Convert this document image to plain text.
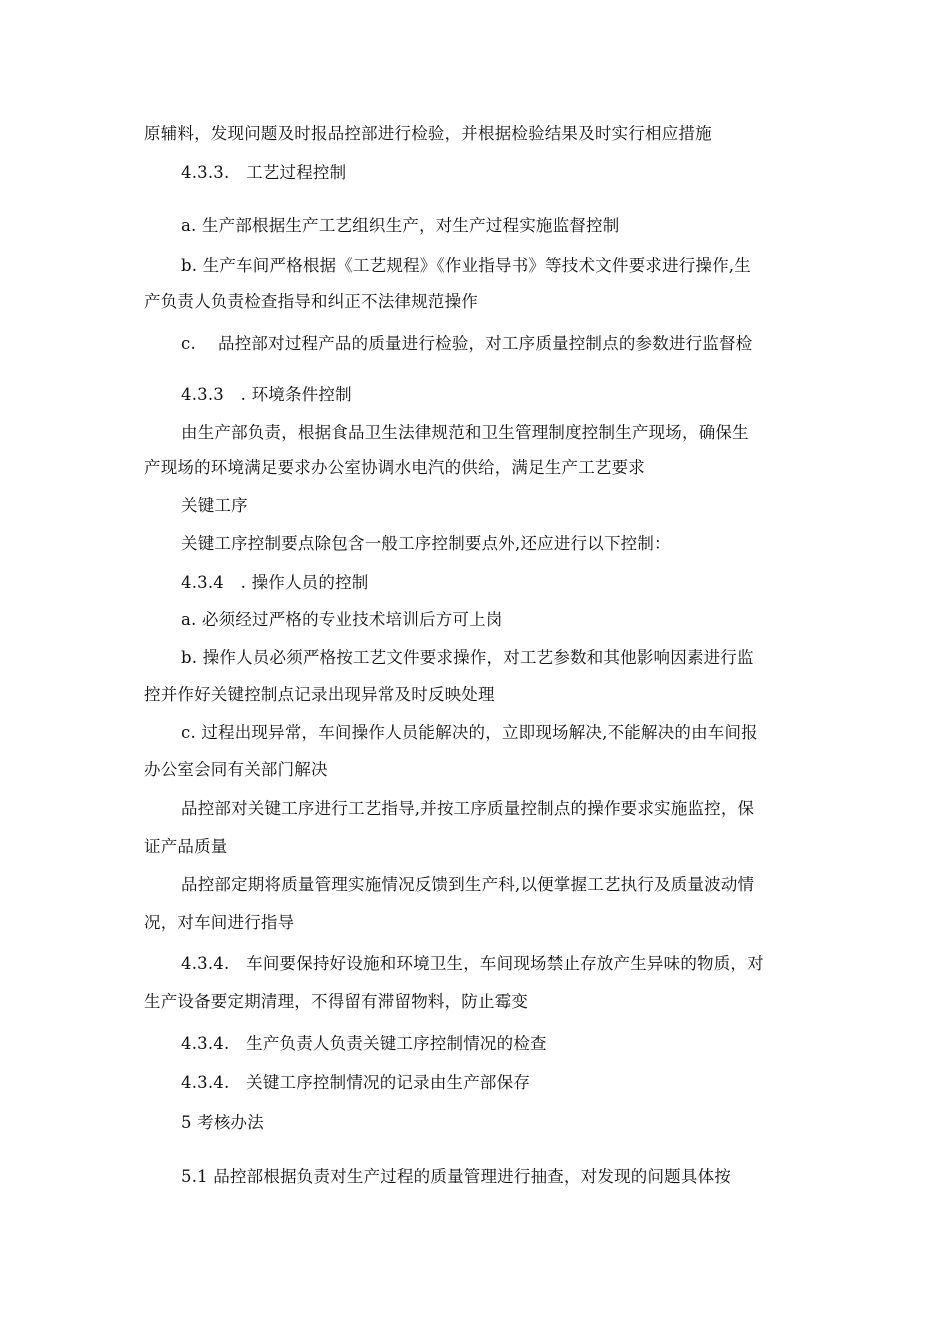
原辅料，发现问题及时报品控部进行检验，并根据检验结果及时实行相应措施
4.3.3.　工艺过程控制
a. 生产部根据生产工艺组织生产，对生产过程实施监督控制
b. 生产车间严格根据《工艺规程》《作业指导书》等技术文件要求进行操作,生
产负责人负责检查指导和纠正不法律规范操作
c.　 品控部对过程产品的质量进行检验，对工序质量控制点的参数进行监督检
4.3.3　. 环境条件控制
由生产部负责，根据食品卫生法律规范和卫生管理制度控制生产现场，确保生
产现场的环境满足要求办公室协调水电汽的供给，满足生产工艺要求
关键工序
关键工序控制要点除包含一般工序控制要点外,还应进行以下控制：
4.3.4　. 操作人员的控制
a. 必须经过严格的专业技术培训后方可上岗
b. 操作人员必须严格按工艺文件要求操作，对工艺参数和其他影响因素进行监
控并作好关键控制点记录出现异常及时反映处理
c. 过程出现异常，车间操作人员能解决的，立即现场解决,不能解决的由车间报
办公室会同有关部门解决
品控部对关键工序进行工艺指导,并按工序质量控制点的操作要求实施监控，保
证产品质量
品控部定期将质量管理实施情况反馈到生产科,以便掌握工艺执行及质量波动情
况，对车间进行指导
4.3.4.　车间要保持好设施和环境卫生，车间现场禁止存放产生异味的物质，对
生产设备要定期清理，不得留有滞留物料，防止霉变
4.3.4.　生产负责人负责关键工序控制情况的检查
4.3.4.　关键工序控制情况的记录由生产部保存
5 考核办法
5.1 品控部根据负责对生产过程的质量管理进行抽查，对发现的问题具体按
